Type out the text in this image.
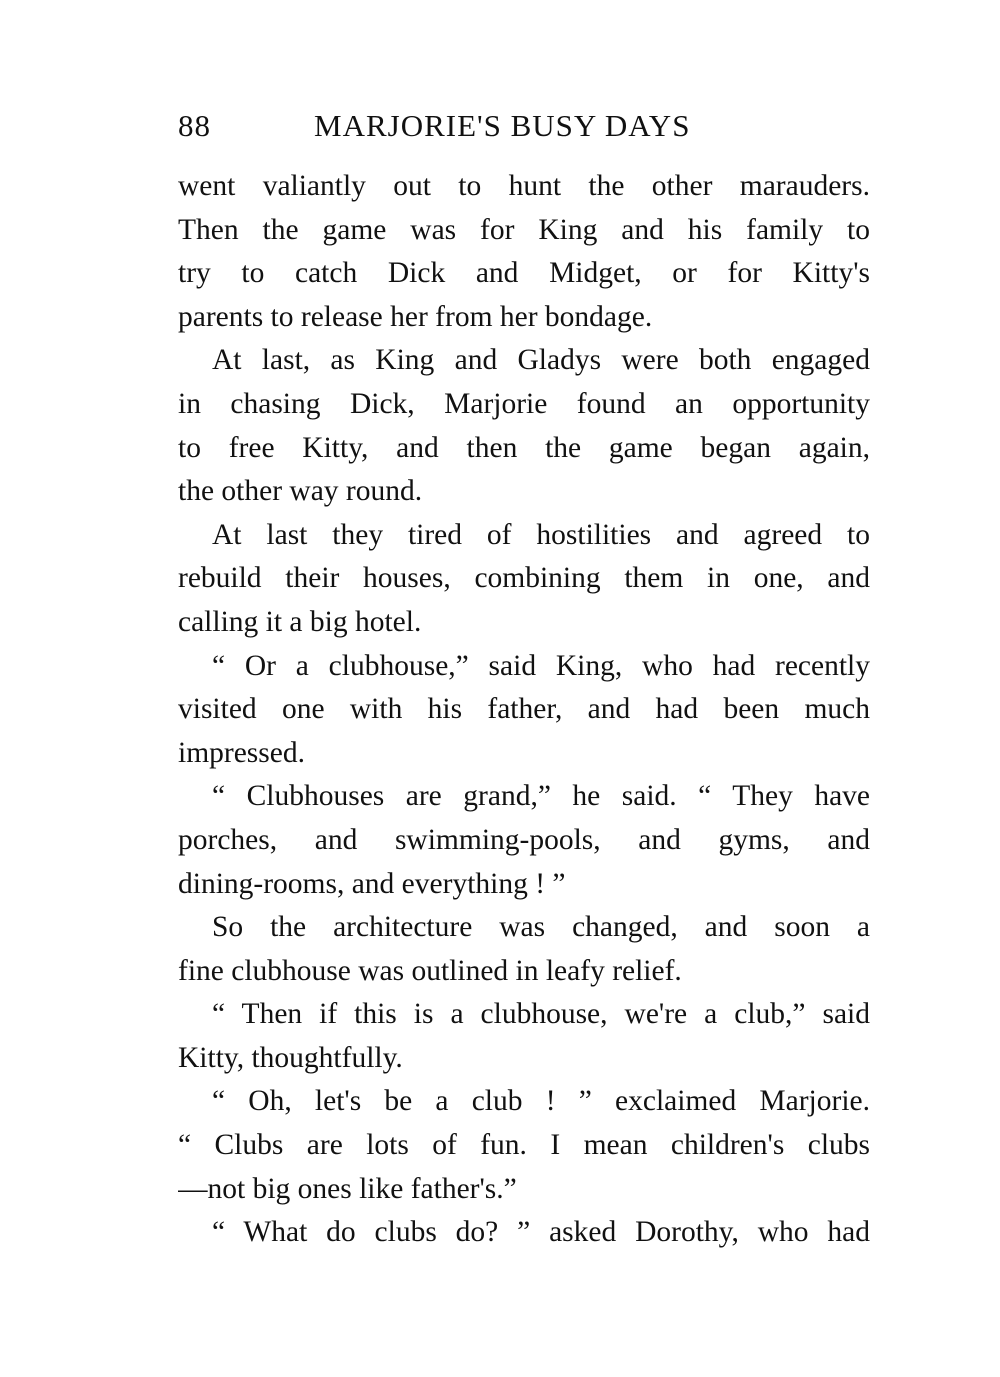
88	MARJORIE'S BUSY DAYS
went valiantly out to hunt the other marauders.
Then the game was for King and his family to
try to catch Dick and Midget, or for Kitty's
parents to release her from her bondage.
At last, as King and Gladys were both engaged
in chasing Dick, Marjorie found an opportunity
to free Kitty, and then the game began again,
the other way round.
At last they tired of hostilities and agreed to
rebuild their houses, combining them in one, and
calling it a big hotel.
“ Or a clubhouse,” said King, who had recently
visited one with his father, and had been much
impressed.
“ Clubhouses are grand,” he said. “ They have
porches, and swimming-pools, and gyms, and
dining-rooms, and everything ! ”
So the architecture was changed, and soon a
fine clubhouse was outlined in leafy relief.
“ Then if this is a clubhouse, we're a club,” said
Kitty, thoughtfully.
“ Oh, let's be a club ! ” exclaimed Marjorie.
“ Clubs are lots of fun. I mean children's clubs
—not big ones like father's.”
“ What do clubs do? ” asked Dorothy, who had
